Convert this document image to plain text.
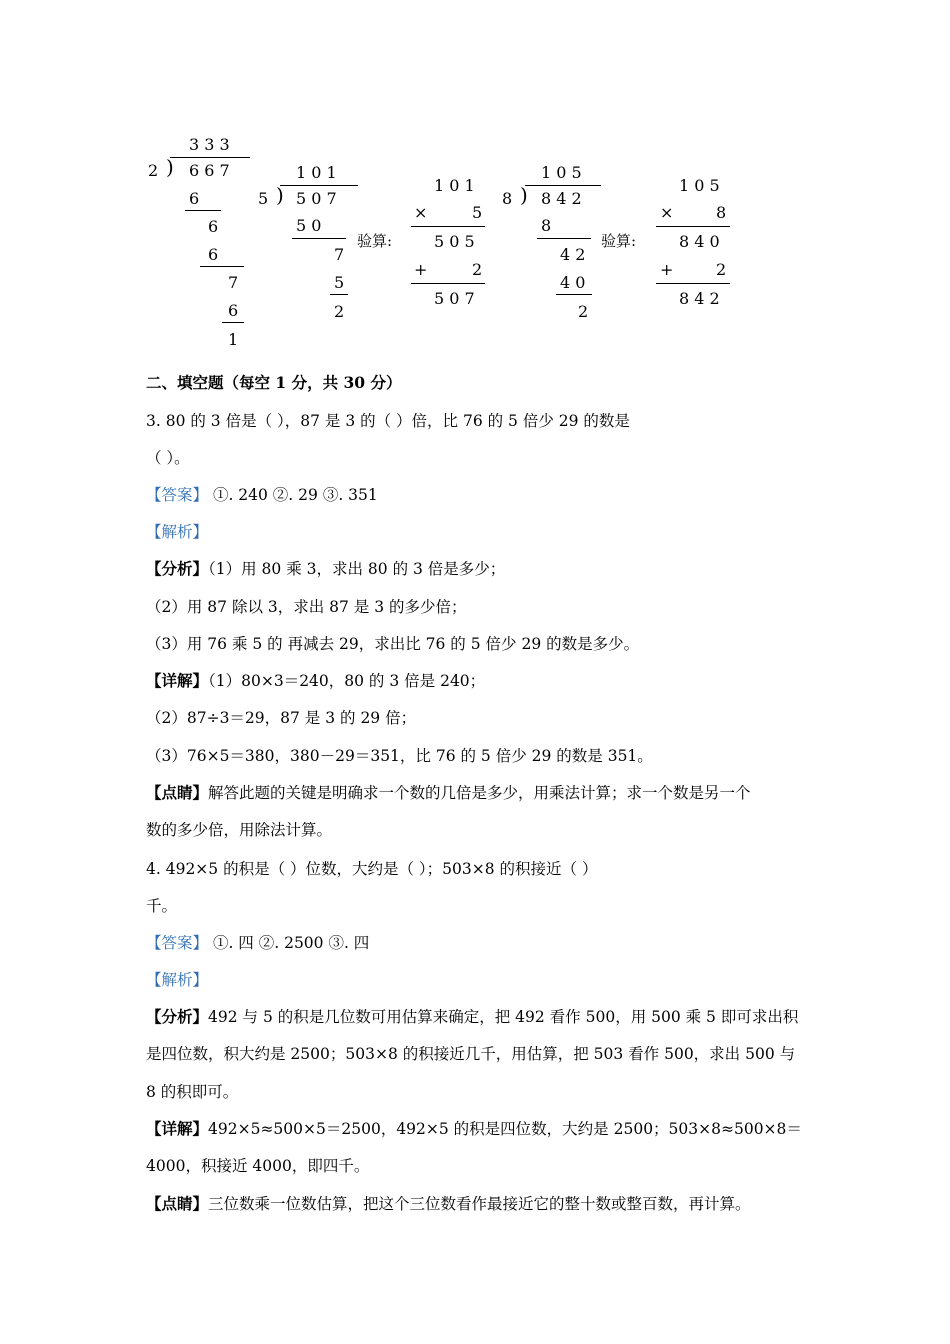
3 3 3
2 ) 6 6 7
6
6
6
7
6
1
1 0 1
5 ) 5 0 7
5 0
7
5
2
验算:
1 0 1
×	5
5 0 5
+	2
5 0 7
1 0 5
8 ) 8 4 2
8
4 2
4 0
2
验算:
1 0 5
×	8
8 4 0
+	2
8 4 2
二、填空题（每空 1 分，共 30 分）
3. 80 的 3 倍是（ ），87 是 3 的（ ）倍，比 76 的 5 倍少 29 的数是
（ ）。
【答案】 ①. 240 ②. 29 ③. 351
【解析】
【分析】（1）用 80 乘 3，求出 80 的 3 倍是多少；
（2）用 87 除以 3，求出 87 是 3 的多少倍；
（3）用 76 乘 5 的 再减去 29，求出比 76 的 5 倍少 29 的数是多少。
【详解】（1）80×3＝240，80 的 3 倍是 240；
（2）87÷3＝29，87 是 3 的 29 倍；
（3）76×5＝380，380－29＝351，比 76 的 5 倍少 29 的数是 351。
【点睛】解答此题的关键是明确求一个数的几倍是多少，用乘法计算；求一个数是另一个
数的多少倍，用除法计算。
4. 492×5 的积是（ ）位数，大约是（ ）；503×8 的积接近（ ）
千。
【答案】 ①. 四 ②. 2500 ③. 四
【解析】
【分析】492 与 5 的积是几位数可用估算来确定，把 492 看作 500，用 500 乘 5 即可求出积
是四位数，积大约是 2500；503×8 的积接近几千，用估算，把 503 看作 500，求出 500 与
8 的积即可。
【详解】492×5≈500×5＝2500，492×5 的积是四位数，大约是 2500；503×8≈500×8＝
4000，积接近 4000，即四千。
【点睛】三位数乘一位数估算，把这个三位数看作最接近它的整十数或整百数，再计算。
